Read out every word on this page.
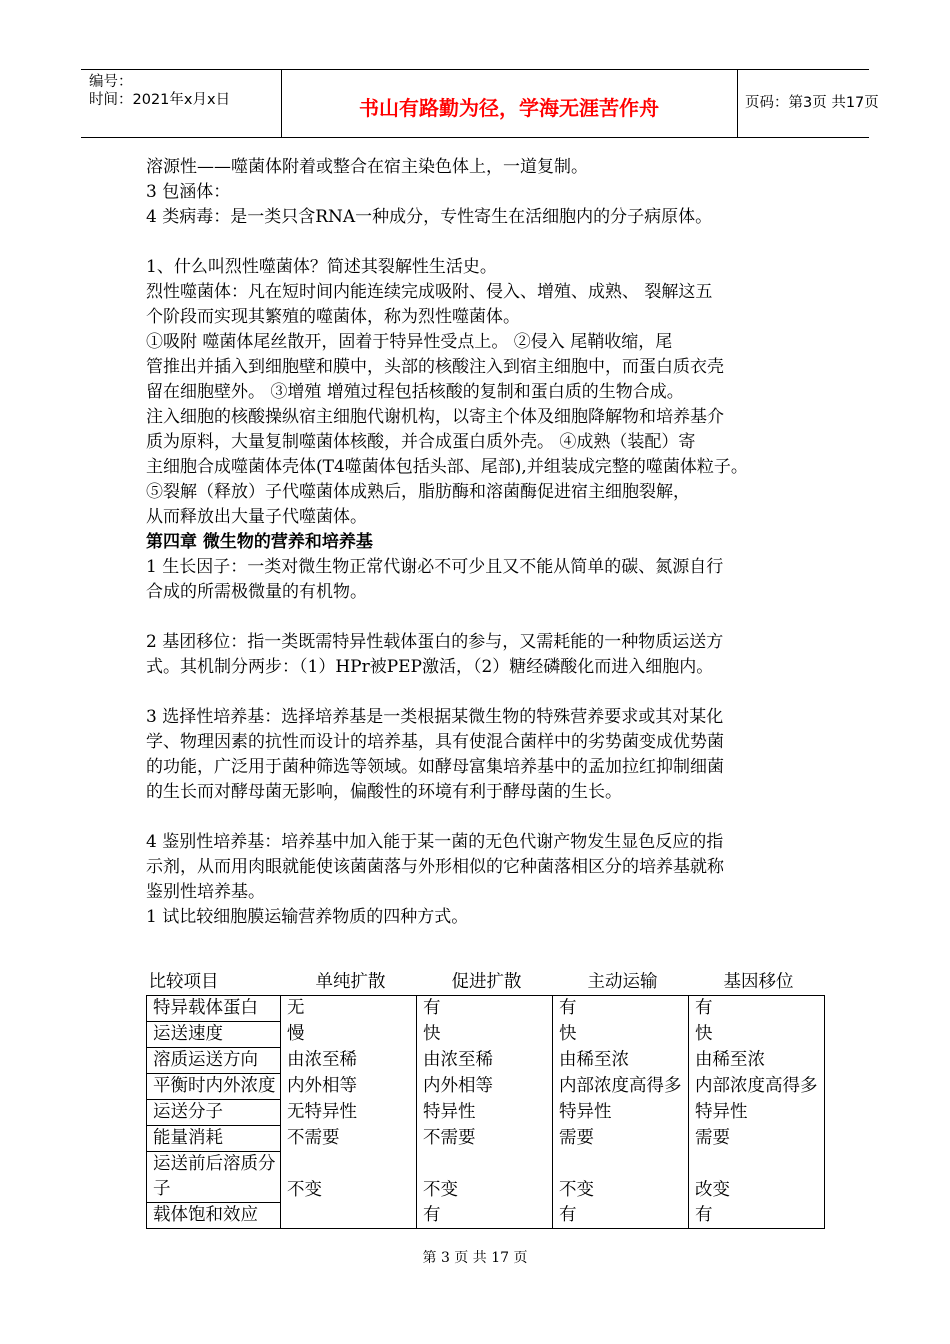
编号：
时间：2021年x月x日	书山有路勤为径，学海无涯苦作舟	页码：第3页 共17页

溶源性——噬菌体附着或整合在宿主染色体上，一道复制。

3 包涵体：

4 类病毒：是一类只含RNA一种成分，专性寄生在活细胞内的分子病原体。

1、什么叫烈性噬菌体？简述其裂解性生活史。

烈性噬菌体：凡在短时间内能连续完成吸附、侵入、增殖、成熟、 裂解这五

个阶段而实现其繁殖的噬菌体，称为烈性噬菌体。

①吸附 噬菌体尾丝散开，固着于特异性受点上。 ②侵入 尾鞘收缩，尾

管推出并插入到细胞壁和膜中，头部的核酸注入到宿主细胞中，而蛋白质衣壳

留在细胞壁外。 ③增殖 增殖过程包括核酸的复制和蛋白质的生物合成。

注入细胞的核酸操纵宿主细胞代谢机构，以寄主个体及细胞降解物和培养基介

质为原料，大量复制噬菌体核酸，并合成蛋白质外壳。 ④成熟（装配）寄

主细胞合成噬菌体壳体(T4噬菌体包括头部、尾部),并组装成完整的噬菌体粒子。

⑤裂解（释放）子代噬菌体成熟后，脂肪酶和溶菌酶促进宿主细胞裂解，

从而释放出大量子代噬菌体。

第四章 微生物的营养和培养基

1 生长因子：一类对微生物正常代谢必不可少且又不能从简单的碳、氮源自行

合成的所需极微量的有机物。

2 基团移位：指一类既需特异性载体蛋白的参与，又需耗能的一种物质运送方

式。其机制分两步：（1）HPr被PEP激活，（2）糖经磷酸化而进入细胞内。

3 选择性培养基：选择培养基是一类根据某微生物的特殊营养要求或其对某化

学、物理因素的抗性而设计的培养基，具有使混合菌样中的劣势菌变成优势菌

的功能，广泛用于菌种筛选等领域。如酵母富集培养基中的孟加拉红抑制细菌

的生长而对酵母菌无影响，偏酸性的环境有利于酵母菌的生长。

4 鉴别性培养基：培养基中加入能于某一菌的无色代谢产物发生显色反应的指

示剂，从而用肉眼就能使该菌菌落与外形相似的它种菌落相区分的培养基就称

鉴别性培养基。

1 试比较细胞膜运输营养物质的四种方式。

比较项目	单纯扩散	促进扩散	主动运输	基因移位
特异载体蛋白	无	有	有	有
运送速度	慢	快	快	快
溶质运送方向	由浓至稀	由浓至稀	由稀至浓	由稀至浓
平衡时内外浓度	内外相等	内外相等	内部浓度高得多	内部浓度高得多
运送分子	无特异性	特异性	特异性	特异性
能量消耗	不需要	不需要	需要	需要
运送前后溶质分子	不变	不变	不变	改变
载体饱和效应		有	有	有
第 3 页 共 17 页
